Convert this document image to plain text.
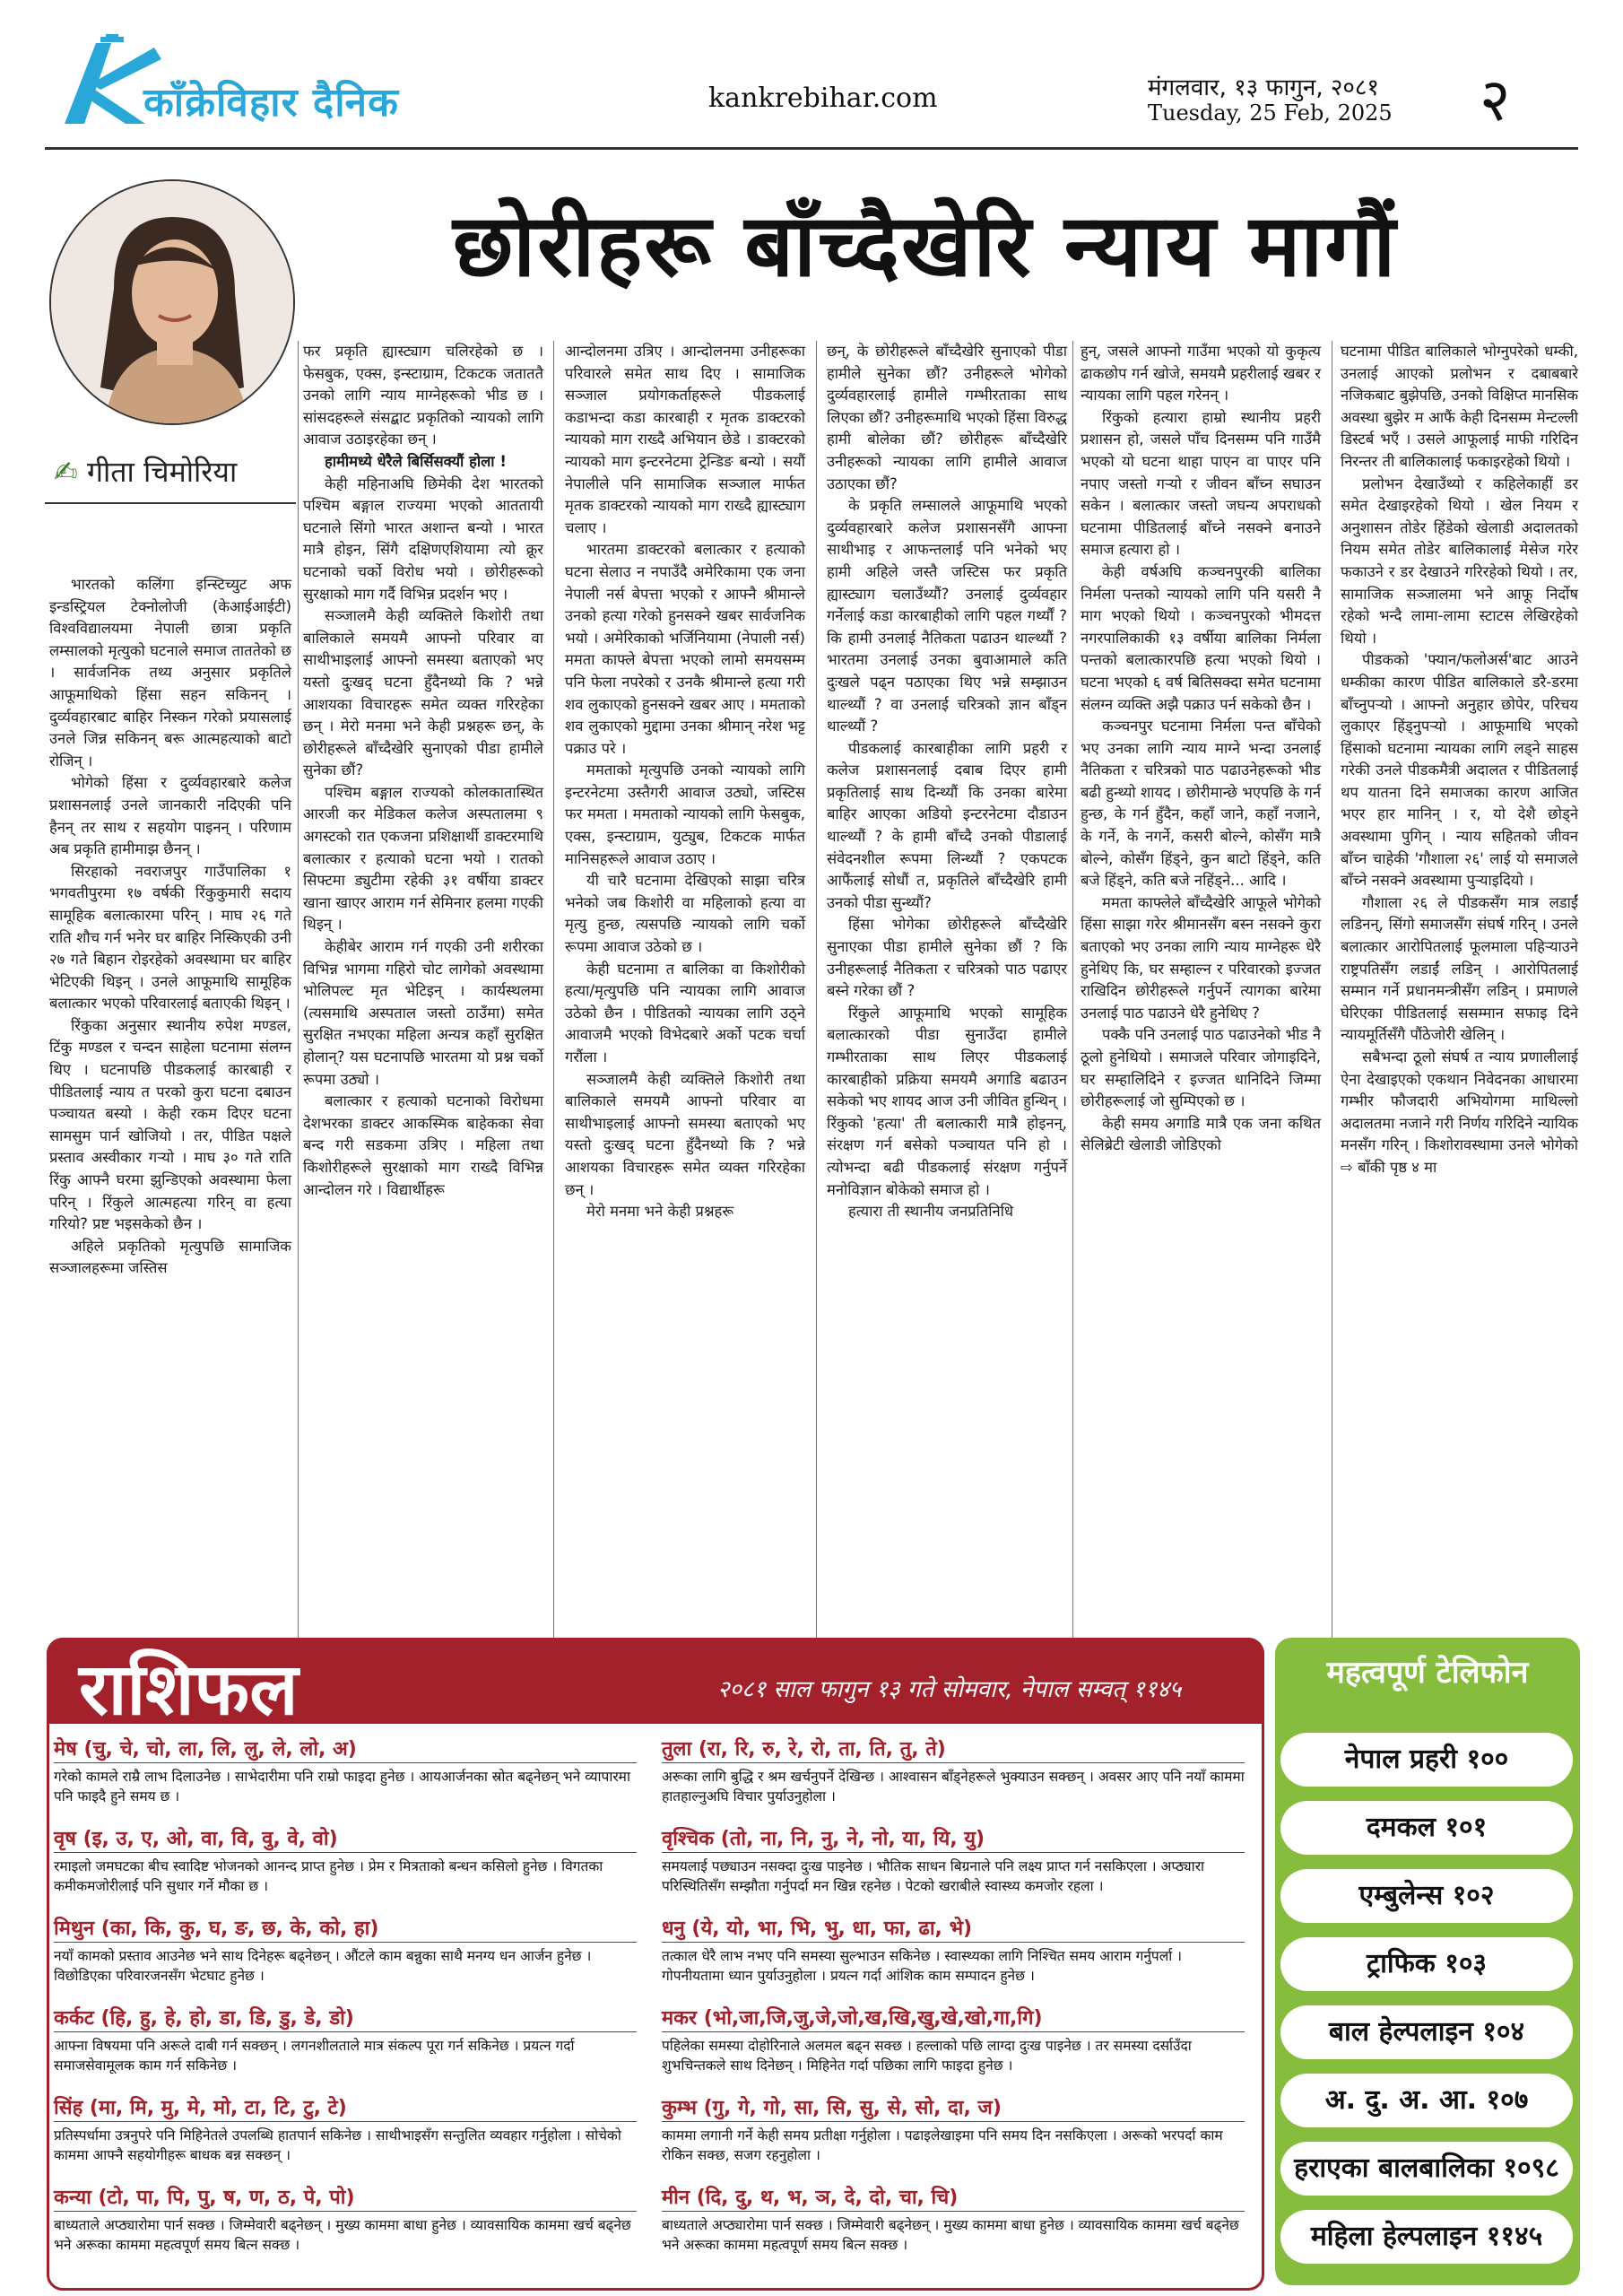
काँक्रेविहार दैनिक	kankrebihar.com	मंगलवार, १३ फागुन, २०८१
Tuesday, 25 Feb, 2025 २
✍ गीता चिमोरिया
छोरीहरू बाँच्दैखेरि न्याय मागौं

भारतको कलिंगा इन्स्टिच्युट अफ इन्डस्ट्रियल टेक्नोलोजी (केआईआईटी) विश्वविद्यालयमा नेपाली छात्रा प्रकृति लम्सालको मृत्युको घटनाले समाज ताततेको छ । सार्वजनिक तथ्य अनुसार प्रकृतिले आफूमाथिको हिंसा सहन सकिनन् । दुर्व्यवहारबाट बाहिर निस्कन गरेको प्रयासलाई उनले जिन्न सकिनन् बरू आत्महत्याको बाटो रोजिन् ।

भोगेको हिंसा र दुर्व्यवहारबारे कलेज प्रशासनलाई उनले जानकारी नदिएकी पनि हैनन् तर साथ र सहयोग पाइनन् । परिणाम अब प्रकृति हामीमाझ छैनन् ।

सिरहाको नवराजपुर गाउँपालिका १ भगवतीपुरमा १७ वर्षकी रिंकुकुमारी सदाय सामूहिक बलात्कारमा परिन् । माघ २६ गते राति शौच गर्न भनेर घर बाहिर निस्किएकी उनी २७ गते बिहान रोइरहेको अवस्थामा घर बाहिर भेटिएकी थिइन् । उनले आफूमाथि सामूहिक बलात्कार भएको परिवारलाई बताएकी थिइन् ।

रिंकुका अनुसार स्थानीय रुपेश मण्डल, टिंकु मण्डल र चन्दन साहेला घटनामा संलग्न थिए । घटनापछि पीडकलाई कारबाही र पीडितलाई न्याय त परको कुरा घटना दबाउन पञ्चायत बस्यो । केही रकम दिएर घटना सामसुम पार्न खोजियो । तर, पीडित पक्षले प्रस्ताव अस्वीकार गर्‍यो । माघ ३० गते राति रिंकु आफ्नै घरमा झुन्डिएको अवस्थामा फेला परिन् । रिंकुले आत्महत्या गरिन् वा हत्या गरियो? प्रष्ट भइसकेको छैन ।

अहिले प्रकृतिको मृत्युपछि सामाजिक सञ्जालहरूमा जस्तिस

फर प्रकृति ह्यास्ट्याग चलिरहेको छ । फेसबुक, एक्स, इन्स्टाग्राम, टिकटक जताततै उनको लागि न्याय माग्नेहरूको भीड छ । सांसदहरूले संसद्बाट प्रकृतिको न्यायको लागि आवाज उठाइरहेका छन् ।

हामीमध्ये धेरैले बिर्सिसक्यौं होला !

केही महिनाअघि छिमेकी देश भारतको पश्चिम बङ्गाल राज्यमा भएको आततायी घटनाले सिंगो भारत अशान्त बन्यो । भारत मात्रै होइन, सिंगै दक्षिणएशियामा त्यो क्रूर घटनाको चर्को विरोध भयो । छोरीहरूको सुरक्षाको माग गर्दै विभिन्न प्रदर्शन भए ।

सञ्जालमै केही व्यक्तिले किशोरी तथा बालिकाले समयमै आफ्नो परिवार वा साथीभाइलाई आफ्नो समस्या बताएको भए यस्तो दुःखद् घटना हुँदैनथ्यो कि ? भन्ने आशयका विचारहरू समेत व्यक्त गरिरहेका छन् । मेरो मनमा भने केही प्रश्नहरू छन्, के छोरीहरूले बाँच्दैखेरि सुनाएको पीडा हामीले सुनेका छौं?

पश्चिम बङ्गाल राज्यको कोलकातास्थित आरजी कर मेडिकल कलेज अस्पतालमा ९ अगस्टको रात एकजना प्रशिक्षार्थी डाक्टरमाथि बलात्कार र हत्याको घटना भयो । रातको सिफ्टमा ड्युटीमा रहेकी ३१ वर्षीया डाक्टर खाना खाएर आराम गर्न सेमिनार हलमा गएकी थिइन् ।

केहीबेर आराम गर्न गएकी उनी शरीरका विभिन्न भागमा गहिरो चोट लागेको अवस्थामा भोलिपल्ट मृत भेटिइन् । कार्यस्थलमा (त्यसमाथि अस्पताल जस्तो ठाउँमा) समेत सुरक्षित नभएका महिला अन्यत्र कहाँ सुरक्षित होलान्? यस घटनापछि भारतमा यो प्रश्न चर्को रूपमा उठ्यो ।

बलात्कार र हत्याको घटनाको विरोधमा देशभरका डाक्टर आकस्मिक बाहेकका सेवा बन्द गरी सडकमा उत्रिए । महिला तथा किशोरीहरूले सुरक्षाको माग राख्दै विभिन्न आन्दोलन गरे । विद्यार्थीहरू

आन्दोलनमा उत्रिए । आन्दोलनमा उनीहरूका परिवारले समेत साथ दिए । सामाजिक सञ्जाल प्रयोगकर्ताहरूले पीडकलाई कडाभन्दा कडा कारबाही र मृतक डाक्टरको न्यायको माग राख्दै अभियान छेडे । डाक्टरको न्यायको माग इन्टरनेटमा ट्रेन्डिङ बन्यो । सयौं नेपालीले पनि सामाजिक सञ्जाल मार्फत मृतक डाक्टरको न्यायको माग राख्दै ह्यास्ट्याग चलाए ।

भारतमा डाक्टरको बलात्कार र हत्याको घटना सेलाउ न नपाउँदै अमेरिकामा एक जना नेपाली नर्स बेपत्ता भएको र आफ्नै श्रीमान्ले उनको हत्या गरेको हुनसक्ने खबर सार्वजनिक भयो । अमेरिकाको भर्जिनियामा (नेपाली नर्स) ममता काफ्ले बेपत्ता भएको लामो समयसम्म पनि फेला नपरेको र उनकै श्रीमान्ले हत्या गरी शव लुकाएको हुनसक्ने खबर आए । ममताको शव लुकाएको मुद्दामा उनका श्रीमान् नरेश भट्ट पक्राउ परे ।

ममताको मृत्युपछि उनको न्यायको लागि इन्टरनेटमा उस्तैगरी आवाज उठ्यो, जस्टिस फर ममता । ममताको न्यायको लागि फेसबुक, एक्स, इन्स्टाग्राम, युट्युब, टिकटक मार्फत मानिसहरूले आवाज उठाए ।

यी चारै घटनामा देखिएको साझा चरित्र भनेको जब किशोरी वा महिलाको हत्या वा मृत्यु हुन्छ, त्यसपछि न्यायको लागि चर्को रूपमा आवाज उठेको छ ।

केही घटनामा त बालिका वा किशोरीको हत्या/मृत्युपछि पनि न्यायका लागि आवाज उठेको छैन । पीडितको न्यायका लागि उठ्ने आवाजमै भएको विभेदबारे अर्को पटक चर्चा गरौंला ।

सञ्जालमै केही व्यक्तिले किशोरी तथा बालिकाले समयमै आफ्नो परिवार वा साथीभाइलाई आफ्नो समस्या बताएको भए यस्तो दुःखद् घटना हुँदैनथ्यो कि ? भन्ने आशयका विचारहरू समेत व्यक्त गरिरहेका छन् ।

मेरो मनमा भने केही प्रश्नहरू

छन्, के छोरीहरूले बाँच्दैखेरि सुनाएको पीडा हामीले सुनेका छौं? उनीहरूले भोगेको दुर्व्यवहारलाई हामीले गम्भीरताका साथ लिएका छौं? उनीहरूमाथि भएको हिंसा विरुद्ध हामी बोलेका छौं? छोरीहरू बाँच्दैखेरि उनीहरूको न्यायका लागि हामीले आवाज उठाएका छौं?

के प्रकृति लम्सालले आफूमाथि भएको दुर्व्यवहारबारे कलेज प्रशासनसँगै आफ्ना साथीभाइ र आफन्तलाई पनि भनेको भए हामी अहिले जस्तै जस्टिस फर प्रकृति ह्यास्ट्याग चलाउँथ्यौं? उनलाई दुर्व्यवहार गर्नेलाई कडा कारबाहीको लागि पहल गर्थ्यौं ? कि हामी उनलाई नैतिकता पढाउन थाल्थ्यौं ? भारतमा उनलाई उनका बुवाआमाले कति दुःखले पढ्न पठाएका थिए भन्ने सम्झाउन थाल्थ्यौं ? वा उनलाई चरित्रको ज्ञान बाँड्न थाल्थ्यौं ?

पीडकलाई कारबाहीका लागि प्रहरी र कलेज प्रशासनलाई दबाब दिएर हामी प्रकृतिलाई साथ दिन्थ्यौं कि उनका बारेमा बाहिर आएका अडियो इन्टरनेटमा दौडाउन थाल्थ्यौं ? के हामी बाँच्दै उनको पीडालाई संवेदनशील रूपमा लिन्थ्यौं ? एकपटक आफैंलाई सोधौं त, प्रकृतिले बाँच्दैखेरि हामी उनको पीडा सुन्थ्यौं?

हिंसा भोगेका छोरीहरूले बाँच्दैखेरि सुनाएका पीडा हामीले सुनेका छौं ? कि उनीहरूलाई नैतिकता र चरित्रको पाठ पढाएर बस्ने गरेका छौं ?

रिंकुले आफूमाथि भएको सामूहिक बलात्कारको पीडा सुनाउँदा हामीले गम्भीरताका साथ लिएर पीडकलाई कारबाहीको प्रक्रिया समयमै अगाडि बढाउन सकेको भए शायद आज उनी जीवित हुन्थिन् । रिंकुको 'हत्या' ती बलात्कारी मात्रै होइनन्, संरक्षण गर्न बसेको पञ्चायत पनि हो । त्योभन्दा बढी पीडकलाई संरक्षण गर्नुपर्ने मनोविज्ञान बोकेको समाज हो ।

हत्यारा ती स्थानीय जनप्रतिनिधि

हुन्, जसले आफ्नो गाउँमा भएको यो कुकृत्य ढाकछोप गर्न खोजे, समयमै प्रहरीलाई खबर र न्यायका लागि पहल गरेनन् ।

रिंकुको हत्यारा हाम्रो स्थानीय प्रहरी प्रशासन हो, जसले पाँच दिनसम्म पनि गाउँमै भएको यो घटना थाहा पाएन वा पाएर पनि नपाए जस्तो गर्‍यो र जीवन बाँच्न सघाउन सकेन । बलात्कार जस्तो जघन्य अपराधको घटनामा पीडितलाई बाँच्ने नसक्ने बनाउने समाज हत्यारा हो ।

केही वर्षअघि कञ्चनपुरकी बालिका निर्मला पन्तको न्यायको लागि पनि यसरी नै माग भएको थियो । कञ्चनपुरको भीमदत्त नगरपालिकाकी १३ वर्षीया बालिका निर्मला पन्तको बलात्कारपछि हत्या भएको थियो । घटना भएको ६ वर्ष बितिसक्दा समेत घटनामा संलग्न व्यक्ति अझै पक्राउ पर्न सकेको छैन ।

कञ्चनपुर घटनामा निर्मला पन्त बाँचेको भए उनका लागि न्याय माग्ने भन्दा उनलाई नैतिकता र चरित्रको पाठ पढाउनेहरूको भीड बढी हुन्थ्यो शायद । छोरीमान्छे भएपछि के गर्न हुन्छ, के गर्न हुँदैन, कहाँ जाने, कहाँ नजाने, के गर्ने, के नगर्ने, कसरी बोल्ने, कोसँग मात्रै बोल्ने, कोसँग हिंड्ने, कुन बाटो हिंड्ने, कति बजे हिंड्ने, कति बजे नहिंड्ने... आदि ।

ममता काफ्लेले बाँच्दैखेरि आफूले भोगेको हिंसा साझा गरेर श्रीमानसँग बस्न नसक्ने कुरा बताएको भए उनका लागि न्याय माग्नेहरू धेरै हुनेथिए कि, घर सम्हाल्न र परिवारको इज्जत राखिदिन छोरीहरूले गर्नुपर्ने त्यागका बारेमा उनलाई पाठ पढाउने धेरै हुनेथिए ?

पक्कै पनि उनलाई पाठ पढाउनेको भीड नै ठूलो हुनेथियो । समाजले परिवार जोगाइदिने, घर सम्हालिदिने र इज्जत धानिदिने जिम्मा छोरीहरूलाई जो सुम्पिएको छ ।

केही समय अगाडि मात्रै एक जना कथित सेलिब्रेटी खेलाडी जोडिएको

घटनामा पीडित बालिकाले भोग्नुपरेको धम्की, उनलाई आएको प्रलोभन र दबाबबारे नजिकबाट बुझेपछि, उनको विक्षिप्त मानसिक अवस्था बुझेर म आफैं केही दिनसम्म मेन्टल्ली डिस्टर्ब भएँ । उसले आफूलाई माफी गरिदिन निरन्तर ती बालिकालाई फकाइरहेको थियो ।

प्रलोभन देखाउँथ्यो र कहिलेकाहीं डर समेत देखाइरहेको थियो । खेल नियम र अनुशासन तोडेर हिंडेको खेलाडी अदालतको नियम समेत तोडेर बालिकालाई मेसेज गरेर फकाउने र डर देखाउने गरिरहेको थियो । तर, सामाजिक सञ्जालमा भने आफू निर्दोष रहेको भन्दै लामा-लामा स्टाटस लेखिरहेको थियो ।

पीडकको 'फ्यान/फलोअर्स'बाट आउने धम्कीका कारण पीडित बालिकाले डरै-डरमा बाँच्नुपर्‍यो । आफ्नो अनुहार छोपेर, परिचय लुकाएर हिंड्नुपर्‍यो । आफूमाथि भएको हिंसाको घटनामा न्यायका लागि लड्ने साहस गरेकी उनले पीडकमैत्री अदालत र पीडितलाई थप यातना दिने समाजका कारण आजित भएर हार मानिन् । र, यो देशै छोड्ने अवस्थामा पुगिन् । न्याय सहितको जीवन बाँच्न चाहेकी 'गौशाला २६' लाई यो समाजले बाँच्ने नसक्ने अवस्थामा पुऱ्याइदियो ।

गौशाला २६ ले पीडकसँग मात्र लडाईं लडिनन्, सिंगो समाजसँग संघर्ष गरिन् । उनले बलात्कार आरोपितलाई फूलमाला पहिऱ्याउने राष्ट्रपतिसँग लडाईं लडिन् । आरोपितलाई सम्मान गर्ने प्रधानमन्त्रीसँग लडिन् । प्रमाणले घेरिएका पीडितलाई ससम्मान सफाइ दिने न्यायमूर्तिसँगै पौंठेजोरी खेलिन् ।

सबैभन्दा ठूलो संघर्ष त न्याय प्रणालीलाई ऐना देखाइएको एकथान निवेदनका आधारमा गम्भीर फौजदारी अभियोगमा माथिल्लो अदालतमा नजाने गरी निर्णय गरिदिने न्यायिक मनसँग गरिन् । किशोरावस्थामा उनले भोगेको ⇨ बाँकी पृष्ठ ४ मा

राशिफल	२०८१ साल फागुन १३ गते सोमवार, नेपाल सम्वत् ११४५
मेष (चु, चे, चो, ला, लि, लु, ले, लो, अ)
गरेको कामले राम्रै लाभ दिलाउनेछ । साभेदारीमा पनि राम्रो फाइदा हुनेछ । आयआर्जनका स्रोत बढ्नेछन् भने व्यापारमा पनि फाइदै हुने समय छ ।
वृष (इ, उ, ए, ओ, वा, वि, वु, वे, वो)
रमाइलो जमघटका बीच स्वादिष्ट भोजनको आनन्द प्राप्त हुनेछ । प्रेम र मित्रताको बन्धन कसिलो हुनेछ । विगतका कमीकमजोरीलाई पनि सुधार गर्ने मौका छ ।
मिथुन (का, कि, कु, घ, ङ, छ, के, को, हा)
नयाँ कामको प्रस्ताव आउनेछ भने साथ दिनेहरू बढ्नेछन् । औंटले काम बन्नुका साथै मनग्य धन आर्जन हुनेछ । विछोडिएका परिवारजनसँग भेटघाट हुनेछ ।
कर्कट (हि, हु, हे, हो, डा, डि, डु, डे, डो)
आफ्ना विषयमा पनि अरूले दाबी गर्न सक्छन् । लगनशीलताले मात्र संकल्प पूरा गर्न सकिनेछ । प्रयत्न गर्दा समाजसेवामूलक काम गर्न सकिनेछ ।
सिंह (मा, मि, मु, मे, मो, टा, टि, टु, टे)
प्रतिस्पर्धामा उत्रनुपरे पनि मिहिनेतले उपलब्धि हातपार्न सकिनेछ । साथीभाइसँग सन्तुलित व्यवहार गर्नुहोला । सोचेको काममा आफ्नै सहयोगीहरू बाधक बन्न सक्छन् ।
कन्या (टो, पा, पि, पु, ष, ण, ठ, पे, पो)
बाध्यताले अप्ठ्यारोमा पार्न सक्छ । जिम्मेवारी बढ्नेछन् । मुख्य काममा बाधा हुनेछ । व्यावसायिक काममा खर्च बढ्नेछ भने अरूका काममा महत्वपूर्ण समय बित्न सक्छ ।
तुला (रा, रि, रु, रे, रो, ता, ति, तु, ते)
अरूका लागि बुद्धि र श्रम खर्चनुपर्ने देखिन्छ । आश्वासन बाँड्नेहरूले भुक्याउन सक्छन् । अवसर आए पनि नयाँ काममा हातहाल्नुअघि विचार पुर्याउनुहोला ।
वृश्चिक (तो, ना, नि, नु, ने, नो, या, यि, यु)
समयलाई पछ्याउन नसक्दा दुःख पाइनेछ । भौतिक साधन बिग्रनाले पनि लक्ष्य प्राप्त गर्न नसकिएला । अप्ठ्यारा परिस्थितिसँग सम्झौता गर्नुपर्दा मन खिन्न रहनेछ । पेटको खराबीले स्वास्थ्य कमजोर रहला ।
धनु (ये, यो, भा, भि, भु, धा, फा, ढा, भे)
तत्काल धेरै लाभ नभए पनि समस्या सुल्भाउन सकिनेछ । स्वास्थ्यका लागि निश्चित समय आराम गर्नुपर्ला । गोपनीयतामा ध्यान पुर्याउनुहोला । प्रयत्न गर्दा आंशिक काम सम्पादन हुनेछ ।
मकर (भो,जा,जि,जु,जे,जो,ख,खि,खु,खे,खो,गा,गि)
पहिलेका समस्या दोहोरिनाले अलमल बढ्न सक्छ । हल्लाको पछि लाग्दा दुःख पाइनेछ । तर समस्या दर्साउँदा शुभचिन्तकले साथ दिनेछन् । मिहिनेत गर्दा पछिका लागि फाइदा हुनेछ ।
कुम्भ (गु, गे, गो, सा, सि, सु, से, सो, दा, ज)
काममा लगानी गर्ने केही समय प्रतीक्षा गर्नुहोला । पढाइलेखाइमा पनि समय दिन नसकिएला । अरूको भरपर्दा काम रोकिन सक्छ, सजग रहनुहोला ।
मीन (दि, दु, थ, भ, ञ, दे, दो, चा, चि)
बाध्यताले अप्ठ्यारोमा पार्न सक्छ । जिम्मेवारी बढ्नेछन् । मुख्य काममा बाधा हुनेछ । व्यावसायिक काममा खर्च बढ्नेछ भने अरूका काममा महत्वपूर्ण समय बित्न सक्छ ।
महत्वपूर्ण टेलिफोन
नेपाल प्रहरी १००
दमकल १०१
एम्बुलेन्स १०२
ट्राफिक १०३
बाल हेल्पलाइन १०४
अ. दु. अ. आ. १०७
हराएका बालबालिका १०९८
महिला हेल्पलाइन ११४५
